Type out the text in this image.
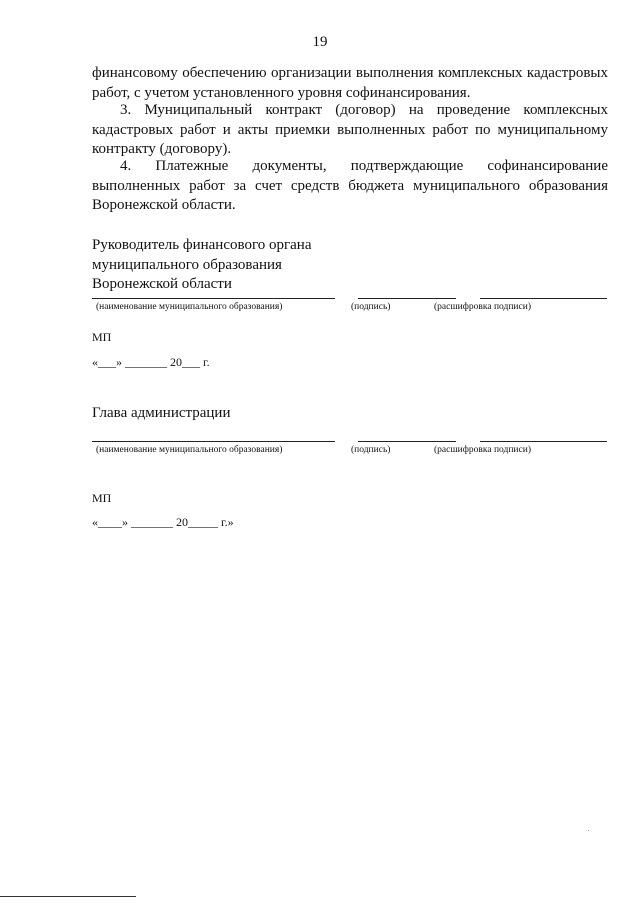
19

финансовому обеспечению организации выполнения комплексных кадастровых работ, с учетом установленного уровня софинансирования.

3. Муниципальный контракт (договор) на проведение комплексных кадастровых работ и акты приемки выполненных работ по муниципальному контракту (договору).

4. Платежные документы, подтверждающие софинансирование выполненных работ за счет средств бюджета муниципального образования Воронежской области.

Руководитель финансового органа
муниципального образования
Воронежской области
(наименование муниципального образования)	(подпись)	(расшифровка подписи)
МП
«___» _______ 20___ г.
Глава администрации
(наименование муниципального образования)	(подпись)	(расшифровка подписи)
МП
«____» _______ 20_____ г.»
